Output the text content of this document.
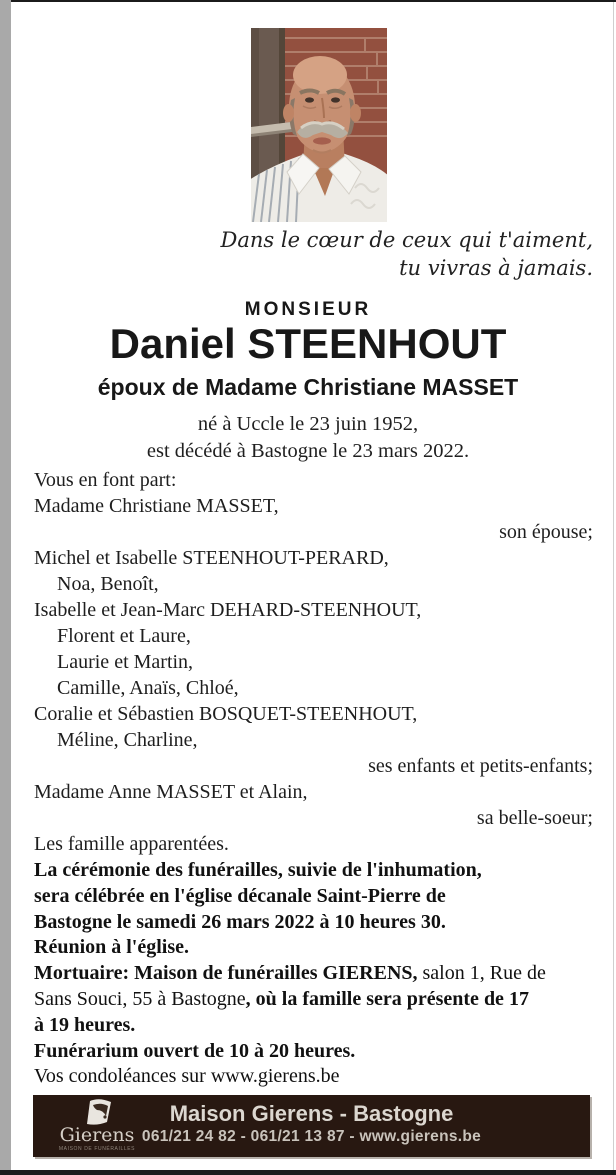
Dans le cœur de ceux qui t'aiment,
tu vivras à jamais.
MONSIEUR
Daniel STEENHOUT
époux de Madame Christiane MASSET
né à Uccle le 23 juin 1952,
est décédé à Bastogne le 23 mars 2022.
Vous en font part:
Madame Christiane MASSET,
son épouse;
Michel et Isabelle STEENHOUT-PERARD,
Noa, Benoît,
Isabelle et Jean-Marc DEHARD-STEENHOUT,
Florent et Laure,
Laurie et Martin,
Camille, Anaïs, Chloé,
Coralie et Sébastien BOSQUET-STEENHOUT,
Méline, Charline,
ses enfants et petits-enfants;
Madame Anne MASSET et Alain,
sa belle-soeur;
Les famille apparentées.
La cérémonie des funérailles, suivie de l'inhumation,
sera célébrée en l'église décanale Saint-Pierre de
Bastogne le samedi 26 mars 2022 à 10 heures 30.
Réunion à l'église.
Mortuaire: Maison de funérailles GIERENS, salon 1, Rue de
Sans Souci, 55 à Bastogne, où la famille sera présente de 17
à 19 heures.
Funérarium ouvert de 10 à 20 heures.
Vos condoléances sur www.gierens.be
Gierens
MAISON DE FUNÉRAILLES
Maison Gierens - Bastogne
061/21 24 82 - 061/21 13 87 - www.gierens.be
